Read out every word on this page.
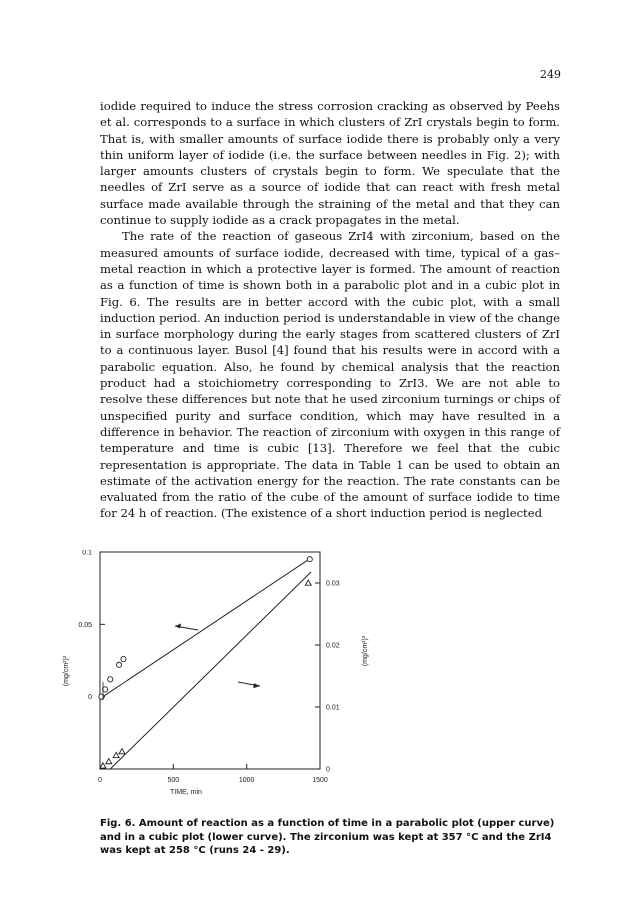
249

iodide required to induce the stress corrosion cracking as observed by Peehs et al. corresponds to a surface in which clusters of ZrI crystals begin to form. That is, with smaller amounts of surface iodide there is probably only a very thin uniform layer of iodide (i.e. the surface between needles in Fig. 2); with larger amounts clusters of crystals begin to form. We speculate that the needles of ZrI serve as a source of iodide that can react with fresh metal surface made available through the straining of the metal and that they can continue to supply iodide as a crack propagates in the metal.

The rate of the reaction of gaseous ZrI4 with zirconium, based on the measured amounts of surface iodide, decreased with time, typical of a gas–metal reaction in which a protective layer is formed. The amount of reaction as a function of time is shown both in a parabolic plot and in a cubic plot in Fig. 6. The results are in better accord with the cubic plot, with a small induction period. An induction period is understandable in view of the change in surface morphology during the early stages from scattered clusters of ZrI to a continuous layer. Busol [4] found that his results were in accord with a parabolic equation. Also, he found by chemical analysis that the reaction product had a stoichiometry corresponding to ZrI3. We are not able to resolve these differences but note that he used zirconium turnings or chips of unspecified purity and surface condition, which may have resulted in a difference in behavior. The reaction of zirconium with oxygen in this range of temperature and time is cubic [13]. Therefore we feel that the cubic representation is appropriate. The data in Table 1 can be used to obtain an estimate of the activation energy for the reaction. The rate constants can be evaluated from the ratio of the cube of the amount of surface iodide to time for 24 h of reaction. (The existence of a short induction period is neglected

TIME, min
(mg/cm²)²
(mg/cm²)³
0	500	1000	1500
0
0.05
0.1
0
0.01
0.02
0.03

Fig. 6. Amount of reaction as a function of time in a parabolic plot (upper curve) and in a cubic plot (lower curve). The zirconium was kept at 357 °C and the ZrI4 was kept at 258 °C (runs 24 - 29).
